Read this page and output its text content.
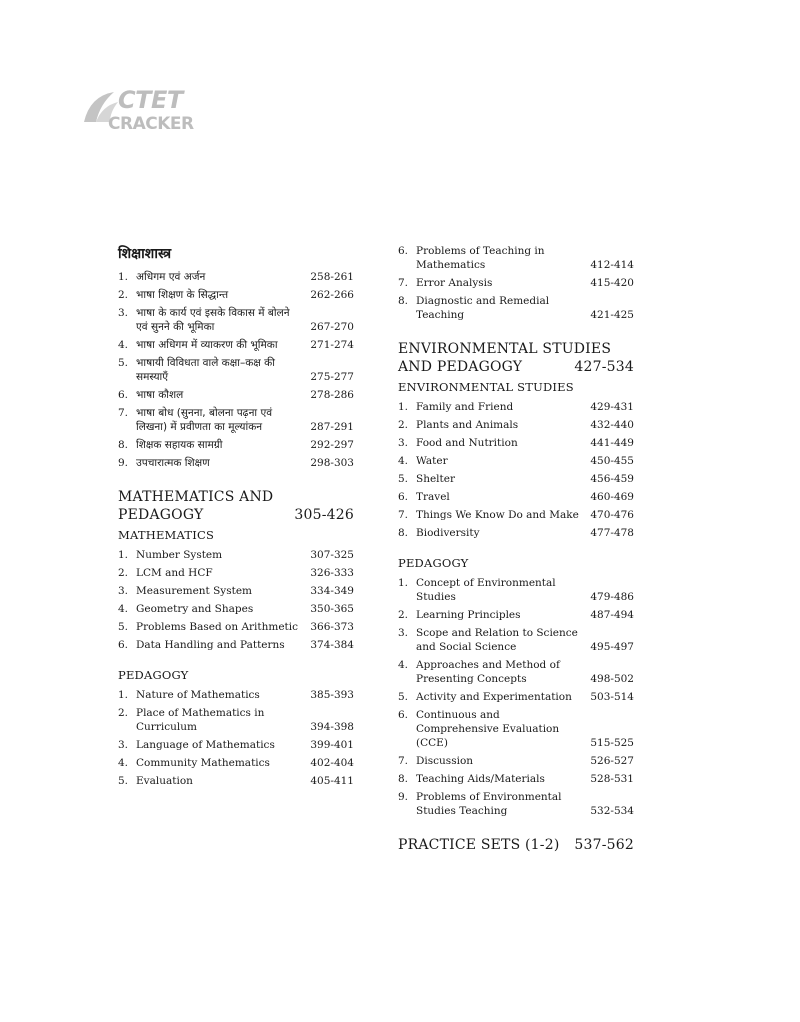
CTET
CRACKER
शिक्षाशास्त्र
1. अधिगम एवं अर्जन	258-261
2. भाषा शिक्षण के सिद्धान्त	262-266
3. भाषा के कार्य एवं इसके विकास में बोलने एवं सुनने की भूमिका	267-270
4. भाषा अधिगम में व्याकरण की भूमिका	271-274
5. भाषायी विविधता वाले कक्षा–कक्ष की समस्याएँ	275-277
6. भाषा कौशल	278-286
7. भाषा बोध (सुनना, बोलना पढ़ना एवं लिखना) में प्रवीणता का मूल्यांकन	287-291
8. शिक्षक सहायक सामग्री	292-297
9. उपचारात्मक शिक्षण	298-303
MATHEMATICS AND
PEDAGOGY	305-426
MATHEMATICS
1. Number System	307-325
2. LCM and HCF	326-333
3. Measurement System	334-349
4. Geometry and Shapes	350-365
5. Problems Based on Arithmetic 366-373
6. Data Handling and Patterns	374-384
PEDAGOGY
1. Nature of Mathematics	385-393
2. Place of Mathematics in Curriculum	394-398
3. Language of Mathematics	399-401
4. Community Mathematics	402-404
5. Evaluation	405-411
6. Problems of Teaching in Mathematics	412-414
7. Error Analysis	415-420
8. Diagnostic and Remedial Teaching	421-425
ENVIRONMENTAL STUDIES
AND PEDAGOGY	427-534
ENVIRONMENTAL STUDIES
1. Family and Friend	429-431
2. Plants and Animals	432-440
3. Food and Nutrition	441-449
4. Water	450-455
5. Shelter	456-459
6. Travel	460-469
7. Things We Know Do and Make 470-476
8. Biodiversity	477-478
PEDAGOGY
1. Concept of Environmental Studies	479-486
2. Learning Principles	487-494
3. Scope and Relation to Science and Social Science	495-497
4. Approaches and Method of Presenting Concepts	498-502
5. Activity and Experimentation	503-514
6. Continuous and Comprehensive Evaluation (CCE)	515-525
7. Discussion	526-527
8. Teaching Aids/Materials	528-531
9. Problems of Environmental Studies Teaching	532-534
PRACTICE SETS (1-2)	537-562
